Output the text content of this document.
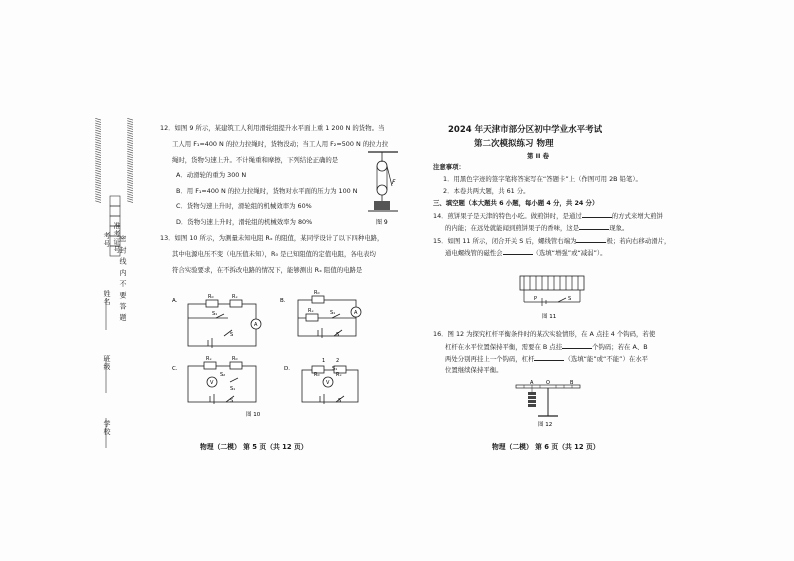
////////////////////////////////////	////////////////////////////////////
密 封 线 内 不 要 答 题
学校
班级
姓名
考号 准考证号
12．如图 9 所示，某建筑工人利用滑轮组提升水平面上重 1 200 N 的货物。当
工人用 F₁=400 N 的拉力拉绳时，货物没动；当工人用 F₂=500 N 的拉力拉
绳时，货物匀速上升。不计绳重和摩擦，下列结论正确的是
A．动滑轮的重为 300 N
B．用 F₁=400 N 的拉力拉绳时，货物对水平面的压力为 100 N
C．货物匀速上升时，滑轮组的机械效率为 60%
D．货物匀速上升时，滑轮组的机械效率为 80%
F
图 9
13．如图 10 所示，为测量未知电阻 Rₓ 的阻值，某同学设计了以下四种电路，
其中电源电压不变（电压值未知），R₀ 是已知阻值的定值电阻，各电表均
符合实验要求，在不拆改电路的情况下，能够测出 Rₓ 阻值的电路是
A.	B.
C.	D.
R₀	Rₓ
A
S₁
S
R₀
Rₓ	S₁	A
S
Rₓ	R₀
V
S₂
S₁
S
R₀	Rₓ
V
1 2
S₁
S
图 10
物理（二模） 第 5 页（共 12 页）
2024 年天津市部分区初中学业水平考试
第二次模拟练习 物理
第 II 卷
注意事项：
1．用黑色字迹的签字笔将答案写在“答题卡”上（作图可用 2B 铅笔）。
2．本卷共两大题，共 61 分。
三、填空题（本大题共 6 小题，每小题 4 分，共 24 分）
14．煎饼果子是天津的特色小吃。做煎饼时，是通过	的方式来增大煎饼
的内能；在远处就能闻到煎饼果子的香味，这是	现象。
15．如图 11 所示，闭合开关 S 后，螺线管右端为	极；若向右移动滑片，
通电螺线管的磁性会	（选填“增强”或“减弱”）。
P	S
图 11
16．图 12 为探究杠杆平衡条件时的某次实验情形，在 A 点挂 4 个钩码，若使
杠杆在水平位置保持平衡，需要在 B 点挂	个钩码；若在 A、B
两处分别再挂上一个钩码，杠杆	（选填“能”或“不能”）在水平
位置继续保持平衡。
O
A	B
图 12
物理（二模） 第 6 页（共 12 页）
